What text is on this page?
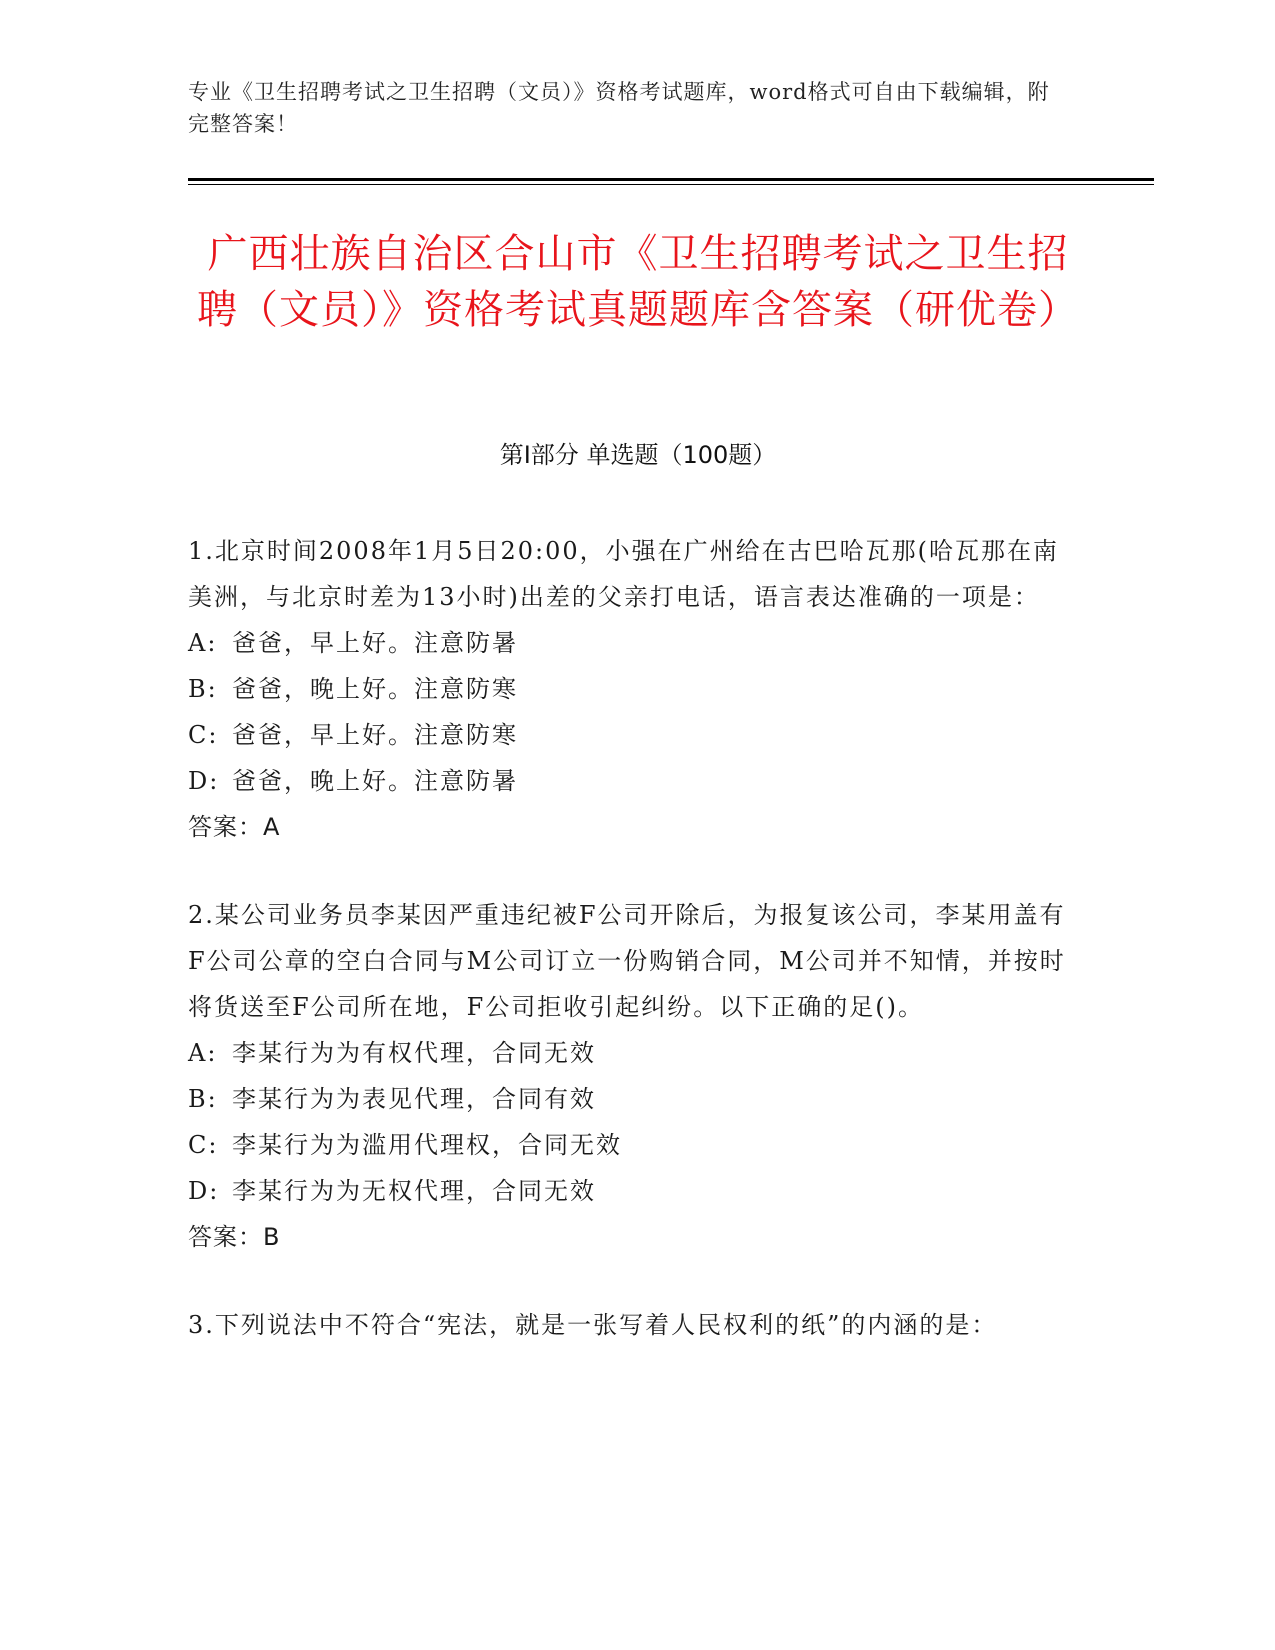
专业《卫生招聘考试之卫生招聘（文员）》资格考试题库，word格式可自由下载编辑，附完整答案！
广西壮族自治区合山市《卫生招聘考试之卫生招聘（文员）》资格考试真题题库含答案（研优卷）
第I部分 单选题（100题）

1.北京时间2008年1月5日20:00，小强在广州给在古巴哈瓦那(哈瓦那在南美洲，与北京时差为13小时)出差的父亲打电话，语言表达准确的一项是：

A: 爸爸，早上好。注意防暑
B: 爸爸，晚上好。注意防寒
C: 爸爸，早上好。注意防寒
D: 爸爸，晚上好。注意防暑
答案：A

2.某公司业务员李某因严重违纪被F公司开除后，为报复该公司，李某用盖有F公司公章的空白合同与M公司订立一份购销合同，M公司并不知情，并按时将货送至F公司所在地，F公司拒收引起纠纷。以下正确的足()。

A: 李某行为为有权代理，合同无效
B: 李某行为为表见代理，合同有效
C: 李某行为为滥用代理权，合同无效
D: 李某行为为无权代理，合同无效
答案：B

3.下列说法中不符合“宪法，就是一张写着人民权利的纸”的内涵的是：
